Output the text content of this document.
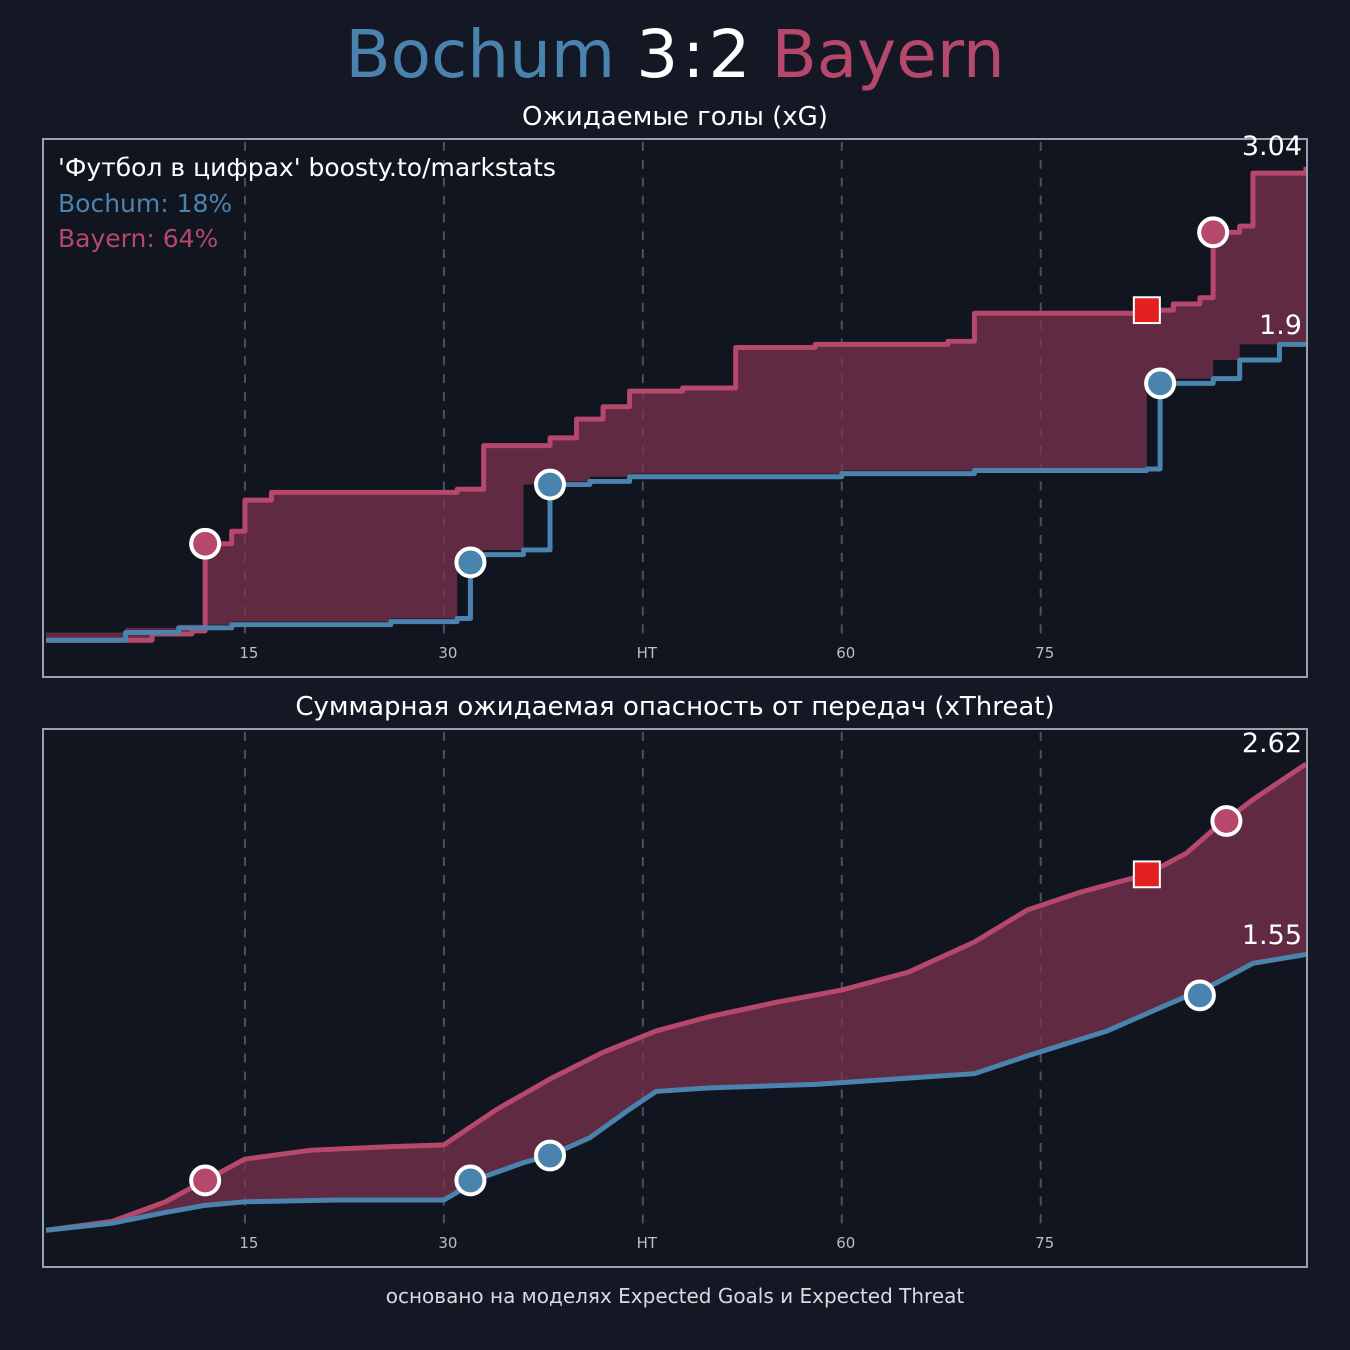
Bochum 3:2 Bayern
Ожидаемые голы (xG)
15	30	HT	60	75
'Футбол в цифрах' boosty.to/markstats
Bochum: 18%
Bayern: 64%
3.04
1.9
Суммарная ожидаемая опасность от передач (xThreat)
15	30	HT	60	75
2.62
1.55
основано на моделях Expected Goals и Expected Threat
